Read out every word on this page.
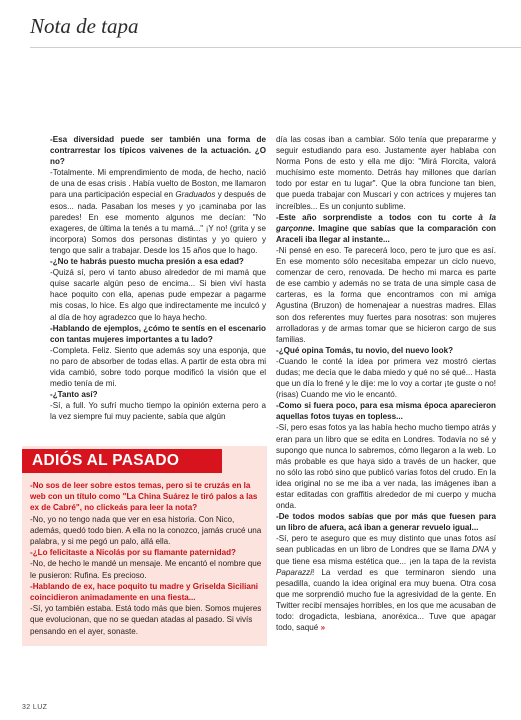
Nota de tapa

-Esa diversidad puede ser también una forma de contrarrestar los típicos vaivenes de la actuación. ¿O no?

-Totalmente. Mi emprendimiento de moda, de hecho, nació de una de esas crisis . Había vuelto de Boston, me llamaron para una participación especial en Graduados y después de esos... nada. Pasaban los meses y yo ¡caminaba por las paredes! En ese momento algunos me decían: "No exageres, de última la tenés a tu mamá..." ¡Y no! (grita y se incorpora) Somos dos personas distintas y yo quiero y tengo que salir a trabajar. Desde los 15 años que lo hago.

-¿No te habrás puesto mucha presión a esa edad?

-Quizá sí, pero vi tanto abuso alrededor de mi mamá que quise sacarle algún peso de encima... Si bien viví hasta hace poquito con ella, apenas pude empezar a pagarme mis cosas, lo hice. Es algo que indirectamente me inculcó y al día de hoy agradezco que lo haya hecho.

-Hablando de ejemplos, ¿cómo te sentís en el escenario con tantas mujeres importantes a tu lado?

-Completa. Feliz. Siento que además soy una esponja, que no paro de absorber de todas ellas. A partir de esta obra mi vida cambió, sobre todo porque modificó la visión que el medio tenía de mi.

-¿Tanto así?

-Sí, a full. Yo sufrí mucho tiempo la opinión externa pero a la vez siempre fui muy paciente, sabía que algún

día las cosas iban a cambiar. Sólo tenía que prepararme y seguir estudiando para eso. Justamente ayer hablaba con Norma Pons de esto y ella me dijo: "Mirá Florcita, valorá muchísimo este momento. Detrás hay millones que darían todo por estar en tu lugar". Que la obra funcione tan bien, que pueda trabajar con Muscari y con actrices y mujeres tan increíbles... Es un conjunto sublime.

-Este año sorprendiste a todos con tu corte à la garçonne. Imagine que sabías que la comparación con Araceli iba llegar al instante...

-Ni pensé en eso. Te parecerá loco, pero te juro que es así. En ese momento sólo necesitaba empezar un ciclo nuevo, comenzar de cero, renovada. De hecho mi marca es parte de ese cambio y además no se trata de una simple casa de carteras, es la forma que encontramos con mi amiga Agustina (Bruzon) de homenajear a nuestras madres. Ellas son dos referentes muy fuertes para nosotras: son mujeres arrolladoras y de armas tomar que se hicieron cargo de sus familias.

-¿Qué opina Tomás, tu novio, del nuevo look?

-Cuando le conté la idea por primera vez mostró ciertas dudas; me decía que le daba miedo y qué no sé qué... Hasta que un día lo frené y le dije: me lo voy a cortar ¡te guste o no! (risas) Cuando me vio le encantó.

-Como si fuera poco, para esa misma época aparecieron aquellas fotos tuyas en topless...

-Sí, pero esas fotos ya las había hecho mucho tiempo atrás y eran para un libro que se edita en Londres. Todavía no sé y supongo que nunca lo sabremos, cómo llegaron a la web. Lo más probable es que haya sido a través de un hacker, que no sólo las robó sino que publicó varias fotos del crudo. En la idea original no se me iba a ver nada, las imágenes iban a estar editadas con graffitis alrededor de mi cuerpo y mucha onda.

-De todos modos sabías que por más que fuesen para un libro de afuera, acá iban a generar revuelo igual...

-Sí, pero te aseguro que es muy distinto que unas fotos así sean publicadas en un libro de Londres que se llama DNA y que tiene esa misma estética que... ¡en la tapa de la revista Paparazzi! La verdad es que terminaron siendo una pesadilla, cuando la idea original era muy buena. Otra cosa que me sorprendió mucho fue la agresividad de la gente. En Twitter recibí mensajes horribles, en los que me acusaban de todo: drogadicta, lesbiana, anoréxica... Tuve que apagar todo, saqué »

ADIÓS AL PASADO

-No sos de leer sobre estos temas, pero si te cruzás en la web con un título como "La China Suárez le tiró palos a las ex de Cabré", no clickeás para leer la nota?

-No, yo no tengo nada que ver en esa historia. Con Nico, además, quedó todo bien. A ella no la conozco, jamás crucé una palabra, y si me pegó un palo, allá ella.

-¿Lo felicitaste a Nicolás por su flamante paternidad?

-No, de hecho le mandé un mensaje. Me encantó el nombre que le pusieron: Rufina. Es precioso.

-Hablando de ex, hace poquito tu madre y Griselda Siciliani coincidieron animadamente en una fiesta...

-Sí, yo también estaba. Está todo más que bien. Somos mujeres que evolucionan, que no se quedan atadas al pasado. Si vivís pensando en el ayer, sonaste.

32 LUZ
